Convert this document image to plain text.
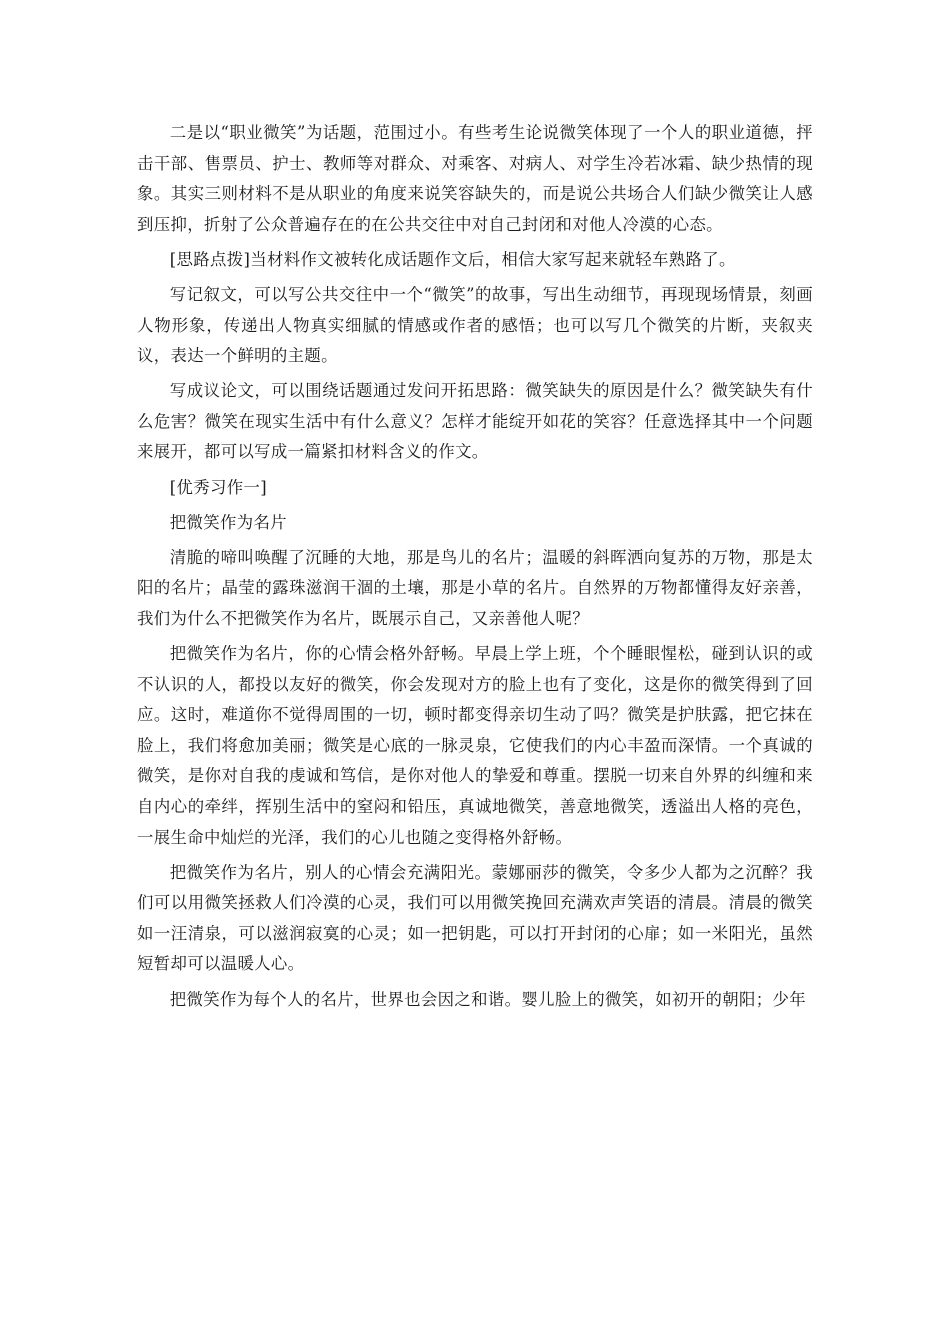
二是以“职业微笑”为话题，范围过小。有些考生论说微笑体现了一个人的职业道德，抨击干部、售票员、护士、教师等对群众、对乘客、对病人、对学生冷若冰霜、缺少热情的现象。其实三则材料不是从职业的角度来说笑容缺失的，而是说公共场合人们缺少微笑让人感到压抑，折射了公众普遍存在的在公共交往中对自己封闭和对他人冷漠的心态。

[思路点拨]当材料作文被转化成话题作文后，相信大家写起来就轻车熟路了。

写记叙文，可以写公共交往中一个“微笑”的故事，写出生动细节，再现现场情景，刻画人物形象，传递出人物真实细腻的情感或作者的感悟；也可以写几个微笑的片断，夹叙夹议，表达一个鲜明的主题。

写成议论文，可以围绕话题通过发问开拓思路：微笑缺失的原因是什么？微笑缺失有什么危害？微笑在现实生活中有什么意义？怎样才能绽开如花的笑容？任意选择其中一个问题来展开，都可以写成一篇紧扣材料含义的作文。

[优秀习作一]

把微笑作为名片

清脆的啼叫唤醒了沉睡的大地，那是鸟儿的名片；温暖的斜晖洒向复苏的万物，那是太阳的名片；晶莹的露珠滋润干涸的土壤，那是小草的名片。自然界的万物都懂得友好亲善，我们为什么不把微笑作为名片，既展示自己，又亲善他人呢？

把微笑作为名片，你的心情会格外舒畅。早晨上学上班，个个睡眼惺松，碰到认识的或不认识的人，都投以友好的微笑，你会发现对方的脸上也有了变化，这是你的微笑得到了回应。这时，难道你不觉得周围的一切，顿时都变得亲切生动了吗？微笑是护肤露，把它抹在脸上，我们将愈加美丽；微笑是心底的一脉灵泉，它使我们的内心丰盈而深情。一个真诚的微笑，是你对自我的虔诚和笃信，是你对他人的挚爱和尊重。摆脱一切来自外界的纠缠和来自内心的牵绊，挥别生活中的窒闷和铅压，真诚地微笑，善意地微笑，透溢出人格的亮色，一展生命中灿烂的光泽，我们的心儿也随之变得格外舒畅。

把微笑作为名片，别人的心情会充满阳光。蒙娜丽莎的微笑，令多少人都为之沉醉？我们可以用微笑拯救人们冷漠的心灵，我们可以用微笑挽回充满欢声笑语的清晨。清晨的微笑如一汪清泉，可以滋润寂寞的心灵；如一把钥匙，可以打开封闭的心扉；如一米阳光，虽然短暂却可以温暖人心。

把微笑作为每个人的名片，世界也会因之和谐。婴儿脸上的微笑，如初开的朝阳；少年
